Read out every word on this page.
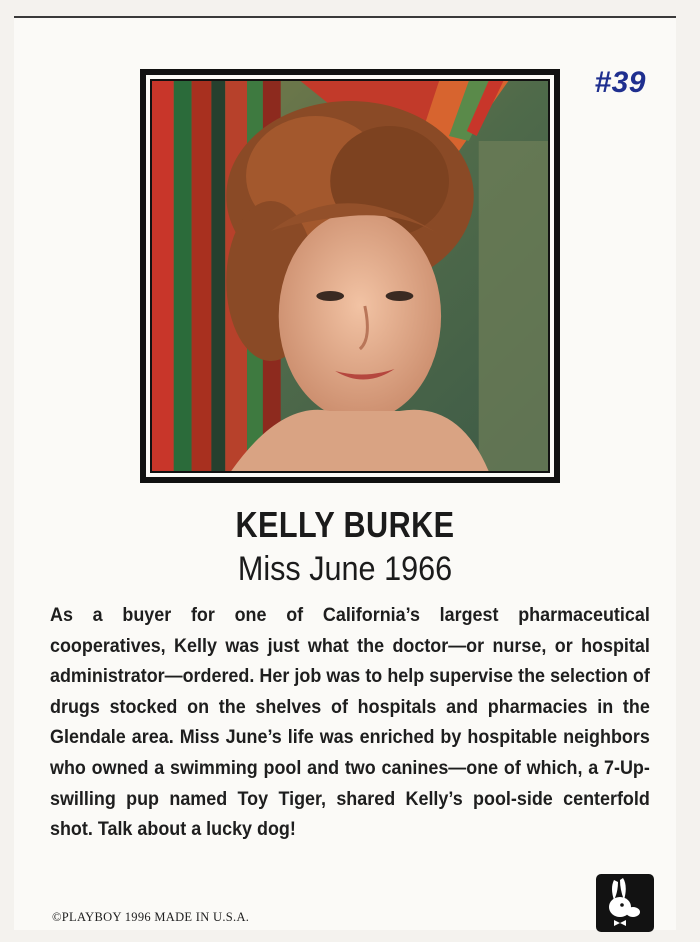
#39
KELLY BURKE
Miss June 1966
As a buyer for one of California’s largest pharmaceutical cooperatives, Kelly was just what the doctor—or nurse, or hospital administrator—ordered. Her job was to help supervise the selection of drugs stocked on the shelves of hospitals and pharmacies in the Glendale area. Miss June’s life was enriched by hospitable neighbors who owned a swimming pool and two canines—one of which, a 7-Up-swilling pup named Toy Tiger, shared Kelly’s pool-side centerfold shot. Talk about a lucky dog!
©PLAYBOY 1996 MADE IN U.S.A.
